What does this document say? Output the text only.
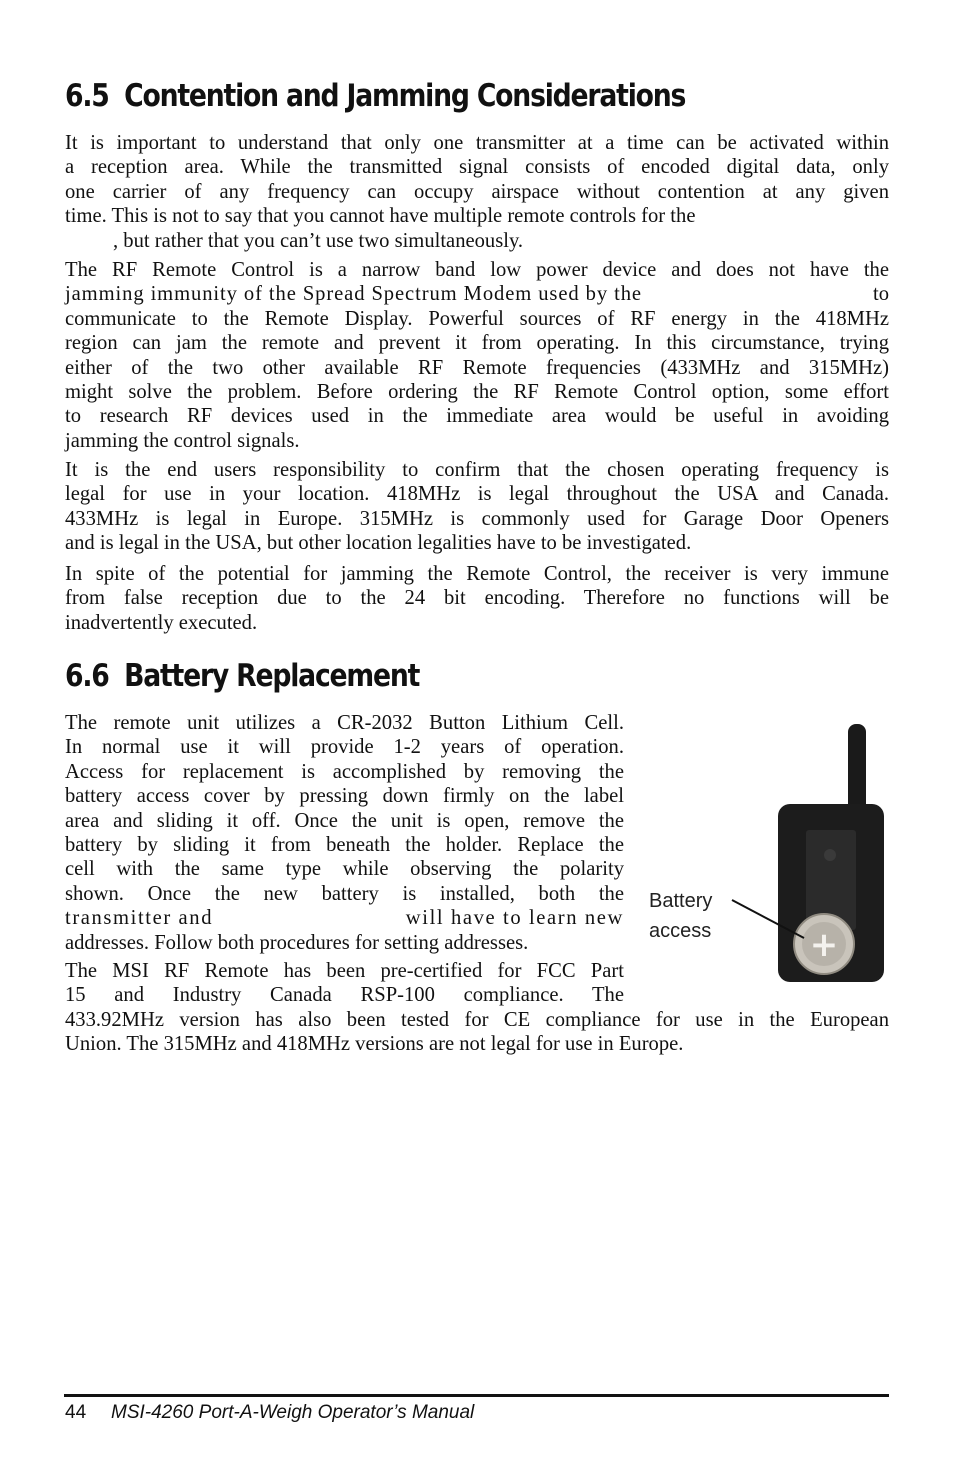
6.5 Contention and Jamming Considerations
It is important to understand that only one transmitter at a time can be activated within
a reception area. While the transmitted signal consists of encoded digital data, only
one carrier of any frequency can occupy airspace without contention at any given
time. This is not to say that you cannot have multiple remote controls for the
, but rather that you can’t use two simultaneously.
The RF Remote Control is a narrow band low power device and does not have the
jamming immunity of the Spread Spectrum Modem used by the	to
communicate to the Remote Display. Powerful sources of RF energy in the 418MHz
region can jam the remote and prevent it from operating. In this circumstance, trying
either of the two other available RF Remote frequencies (433MHz and 315MHz)
might solve the problem. Before ordering the RF Remote Control option, some effort
to research RF devices used in the immediate area would be useful in avoiding
jamming the control signals.
It is the end users responsibility to confirm that the chosen operating frequency is
legal for use in your location. 418MHz is legal throughout the USA and Canada.
433MHz is legal in Europe. 315MHz is commonly used for Garage Door Openers
and is legal in the USA, but other location legalities have to be investigated.
In spite of the potential for jamming the Remote Control, the receiver is very immune
from false reception due to the 24 bit encoding. Therefore no functions will be
inadvertently executed.
6.6 Battery Replacement
The remote unit utilizes a CR-2032 Button Lithium Cell.
In normal use it will provide 1-2 years of operation.
Access for replacement is accomplished by removing the
battery access cover by pressing down firmly on the label
area and sliding it off. Once the unit is open, remove the
battery by sliding it from beneath the holder. Replace the
cell with the same type while observing the polarity
shown. Once the new battery is installed, both the
transmitter and	will have to learn new
addresses. Follow both procedures for setting addresses.
The MSI RF Remote has been pre-certified for FCC Part
15 and Industry Canada RSP-100 compliance. The
433.92MHz version has also been tested for CE compliance for use in the European
Union. The 315MHz and 418MHz versions are not legal for use in Europe.
+
Battery
access
44 MSI-4260 Port-A-Weigh Operator’s Manual
